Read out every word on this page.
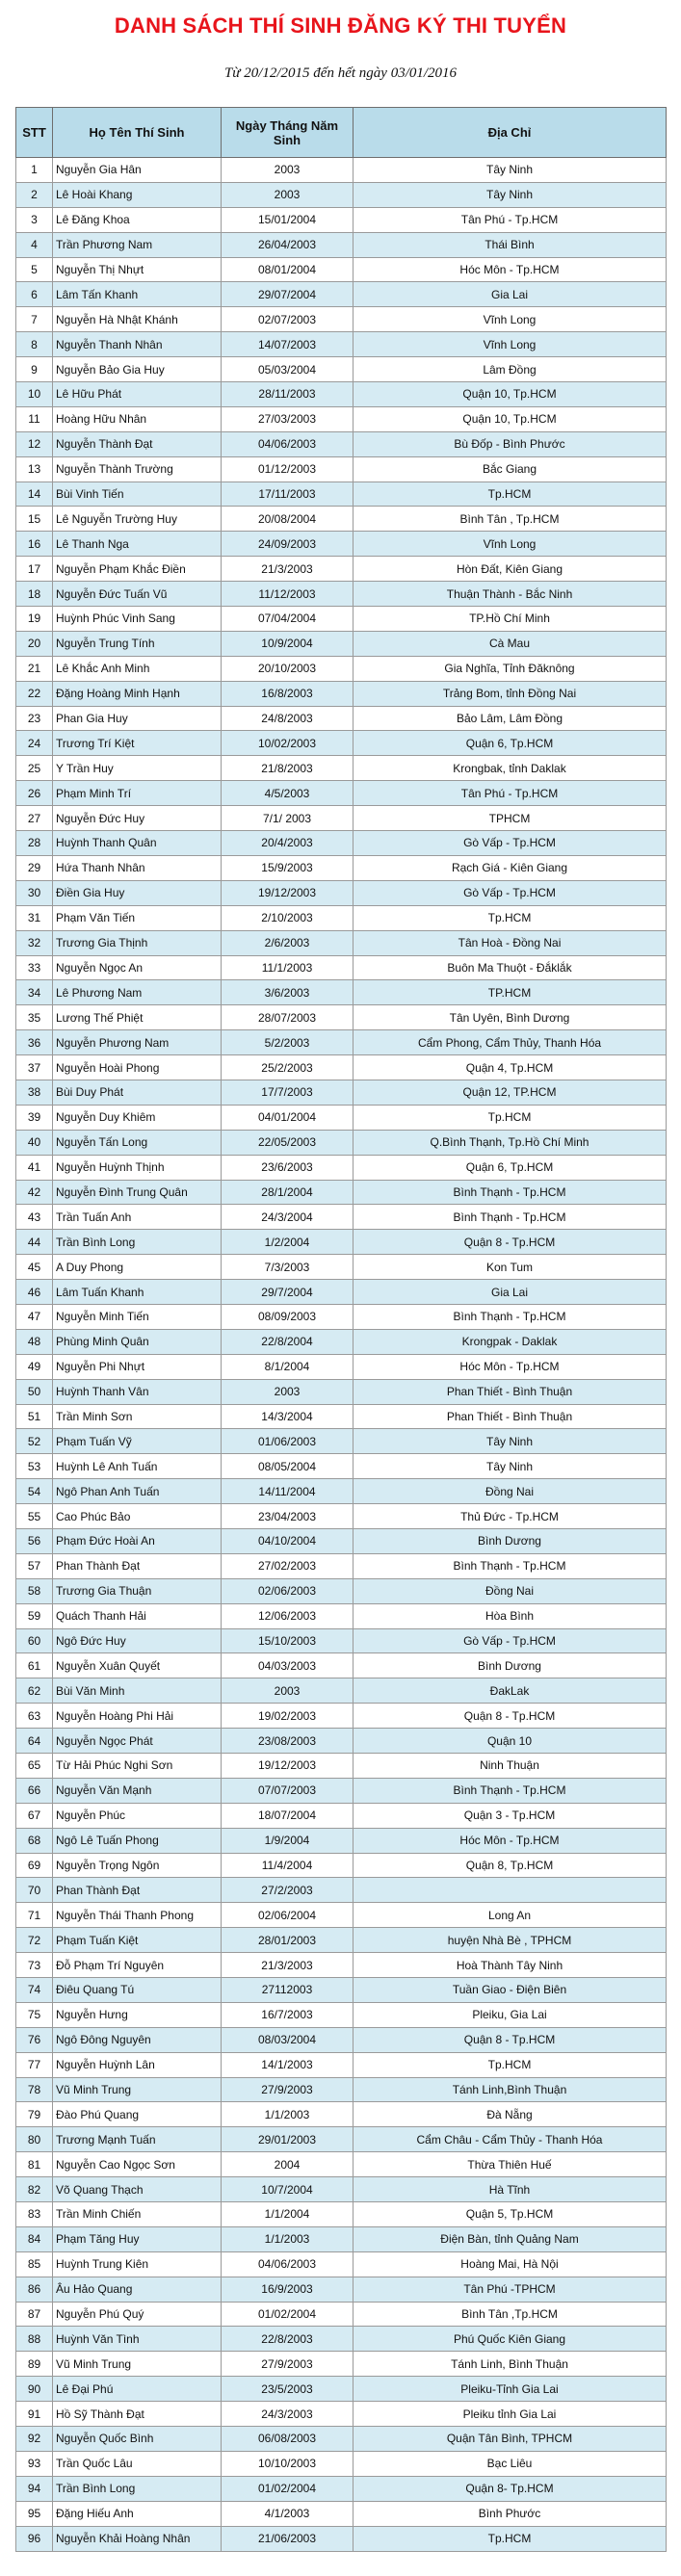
DANH SÁCH THÍ SINH ĐĂNG KÝ THI TUYỂN
Từ 20/12/2015 đến hết ngày 03/01/2016
STT	Họ Tên Thí Sinh	Ngày Tháng Năm Sinh	Địa Chỉ
1	Nguyễn Gia Hân	2003	Tây Ninh
2	Lê Hoài Khang	2003	Tây Ninh
3	Lê Đăng Khoa	15/01/2004	Tân Phú - Tp.HCM
4	Trần Phương Nam	26/04/2003	Thái Bình
5	Nguyễn Thị Nhựt	08/01/2004	Hóc Môn - Tp.HCM
6	Lâm Tấn Khanh	29/07/2004	Gia Lai
7	Nguyễn Hà Nhật Khánh	02/07/2003	Vĩnh Long
8	Nguyễn Thanh Nhân	14/07/2003	Vĩnh Long
9	Nguyễn Bảo Gia Huy	05/03/2004	Lâm Đồng
10	Lê Hữu Phát	28/11/2003	Quận 10, Tp.HCM
11	Hoàng Hữu Nhân	27/03/2003	Quận 10, Tp.HCM
12	Nguyễn Thành Đạt	04/06/2003	Bù Đốp - Bình Phước
13	Nguyễn Thành Trường	01/12/2003	Bắc Giang
14	Bùi Vinh Tiến	17/11/2003	Tp.HCM
15	Lê Nguyễn Trường Huy	20/08/2004	Bình Tân , Tp.HCM
16	Lê Thanh Nga	24/09/2003	Vĩnh Long
17	Nguyễn Phạm Khắc Điền	21/3/2003	Hòn Đất, Kiên Giang
18	Nguyễn Đức Tuấn Vũ	11/12/2003	Thuận Thành - Bắc Ninh
19	Huỳnh Phúc Vinh Sang	07/04/2004	TP.Hồ Chí Minh
20	Nguyễn Trung Tính	10/9/2004	Cà Mau
21	Lê Khắc Anh Minh	20/10/2003	Gia Nghĩa, Tỉnh Đăknông
22	Đặng Hoàng Minh Hạnh	16/8/2003	Trảng Bom, tỉnh Đồng Nai
23	Phan Gia Huy	24/8/2003	Bảo Lâm, Lâm Đồng
24	Trương Trí Kiệt	10/02/2003	Quận 6, Tp.HCM
25	Y Trần Huy	21/8/2003	Krongbak, tỉnh Daklak
26	Phạm Minh Trí	4/5/2003	Tân Phú - Tp.HCM
27	Nguyễn Đức Huy	7/1/ 2003	TPHCM
28	Huỳnh Thanh Quân	20/4/2003	Gò Vấp - Tp.HCM
29	Hứa Thanh Nhân	15/9/2003	Rạch Giá - Kiên Giang
30	Điền Gia Huy	19/12/2003	Gò Vấp - Tp.HCM
31	Phạm Văn Tiến	2/10/2003	Tp.HCM
32	Trương Gia Thịnh	2/6/2003	Tân Hoà - Đồng Nai
33	Nguyễn Ngọc An	11/1/2003	Buôn Ma Thuột - Đắklắk
34	Lê Phương Nam	3/6/2003	TP.HCM
35	Lương Thế Phiệt	28/07/2003	Tân Uyên, Bình Dương
36	Nguyễn Phương Nam	5/2/2003	Cẩm Phong, Cẩm Thủy, Thanh Hóa
37	Nguyễn Hoài Phong	25/2/2003	Quận 4, Tp.HCM
38	Bùi Duy Phát	17/7/2003	Quận 12, TP.HCM
39	Nguyễn Duy Khiêm	04/01/2004	Tp.HCM
40	Nguyễn Tấn Long	22/05/2003	Q.Bình Thạnh, Tp.Hồ Chí Minh
41	Nguyễn Huỳnh Thịnh	23/6/2003	Quận 6, Tp.HCM
42	Nguyễn Đình Trung Quân	28/1/2004	Bình Thạnh - Tp.HCM
43	Trần Tuấn Anh	24/3/2004	Bình Thạnh - Tp.HCM
44	Trần Bình Long	1/2/2004	Quận 8 - Tp.HCM
45	A Duy Phong	7/3/2003	Kon Tum
46	Lâm Tuấn Khanh	29/7/2004	Gia Lai
47	Nguyễn Minh Tiến	08/09/2003	Bình Thạnh - Tp.HCM
48	Phùng Minh Quân	22/8/2004	Krongpak - Daklak
49	Nguyễn Phi Nhựt	8/1/2004	Hóc Môn - Tp.HCM
50	Huỳnh Thanh Vân	2003	Phan Thiết - Bình Thuận
51	Trần Minh Sơn	14/3/2004	Phan Thiết - Bình Thuận
52	Phạm Tuấn Vỹ	01/06/2003	Tây Ninh
53	Huỳnh Lê Anh Tuấn	08/05/2004	Tây Ninh
54	Ngô Phan Anh Tuấn	14/11/2004	Đồng Nai
55	Cao Phúc Bảo	23/04/2003	Thủ Đức - Tp.HCM
56	Phạm Đức Hoài An	04/10/2004	Bình Dương
57	Phan Thành Đạt	27/02/2003	Bình Thạnh - Tp.HCM
58	Trương Gia Thuận	02/06/2003	Đồng Nai
59	Quách Thanh Hải	12/06/2003	Hòa Bình
60	Ngô Đức Huy	15/10/2003	Gò Vấp - Tp.HCM
61	Nguyễn Xuân Quyết	04/03/2003	Bình Dương
62	Bùi Văn Minh	2003	ĐakLak
63	Nguyễn Hoàng Phi Hải	19/02/2003	Quận 8 - Tp.HCM
64	Nguyễn Ngọc Phát	23/08/2003	Quận 10
65	Từ Hải Phúc Nghi Sơn	19/12/2003	Ninh Thuận
66	Nguyễn Văn Mạnh	07/07/2003	Bình Thạnh - Tp.HCM
67	Nguyễn Phúc	18/07/2004	Quận 3 - Tp.HCM
68	Ngô Lê Tuấn Phong	1/9/2004	Hóc Môn - Tp.HCM
69	Nguyễn Trọng Ngôn	11/4/2004	Quận 8, Tp.HCM
70	Phan Thành Đạt	27/2/2003	
71	Nguyễn Thái Thanh Phong	02/06/2004	Long An
72	Phạm Tuấn Kiệt	28/01/2003	huyện Nhà Bè , TPHCM
73	Đỗ Phạm Trí Nguyên	21/3/2003	Hoà Thành Tây Ninh
74	Điêu Quang Tú	27112003	Tuần Giao - Điện Biên
75	Nguyễn Hưng	16/7/2003	Pleiku, Gia Lai
76	Ngô Đông Nguyên	08/03/2004	Quận 8 - Tp.HCM
77	Nguyễn Huỳnh Lân	14/1/2003	Tp.HCM
78	Vũ Minh Trung	27/9/2003	Tánh Linh,Bình Thuận
79	Đào Phú Quang	1/1/2003	Đà Nẵng
80	Trương Mạnh Tuấn	29/01/2003	Cẩm Châu - Cẩm Thủy - Thanh Hóa
81	Nguyễn Cao Ngọc Sơn	2004	Thừa Thiên Huế
82	Võ Quang Thạch	10/7/2004	Hà Tĩnh
83	Trần Minh Chiến	1/1/2004	Quận 5, Tp.HCM
84	Phạm Tăng Huy	1/1/2003	Điện Bàn, tỉnh Quảng Nam
85	Huỳnh Trung Kiên	04/06/2003	Hoàng Mai, Hà Nội
86	Âu Hảo Quang	16/9/2003	Tân Phú -TPHCM
87	Nguyễn Phú Quý	01/02/2004	Bình Tân ,Tp.HCM
88	Huỳnh Văn Tình	22/8/2003	Phú Quốc Kiên Giang
89	Vũ Minh Trung	27/9/2003	Tánh Linh, Bình Thuận
90	Lê Đại Phú	23/5/2003	Pleiku-Tỉnh Gia Lai
91	Hồ Sỹ Thành Đạt	24/3/2003	Pleiku tỉnh Gia Lai
92	Nguyễn Quốc Bình	06/08/2003	Quận Tân Bình, TPHCM
93	Trần Quốc Lâu	10/10/2003	Bạc Liêu
94	Trần Bình Long	01/02/2004	Quận 8- Tp.HCM
95	Đặng Hiếu Anh	4/1/2003	Bình Phước
96	Nguyễn Khải Hoàng Nhân	21/06/2003	Tp.HCM
